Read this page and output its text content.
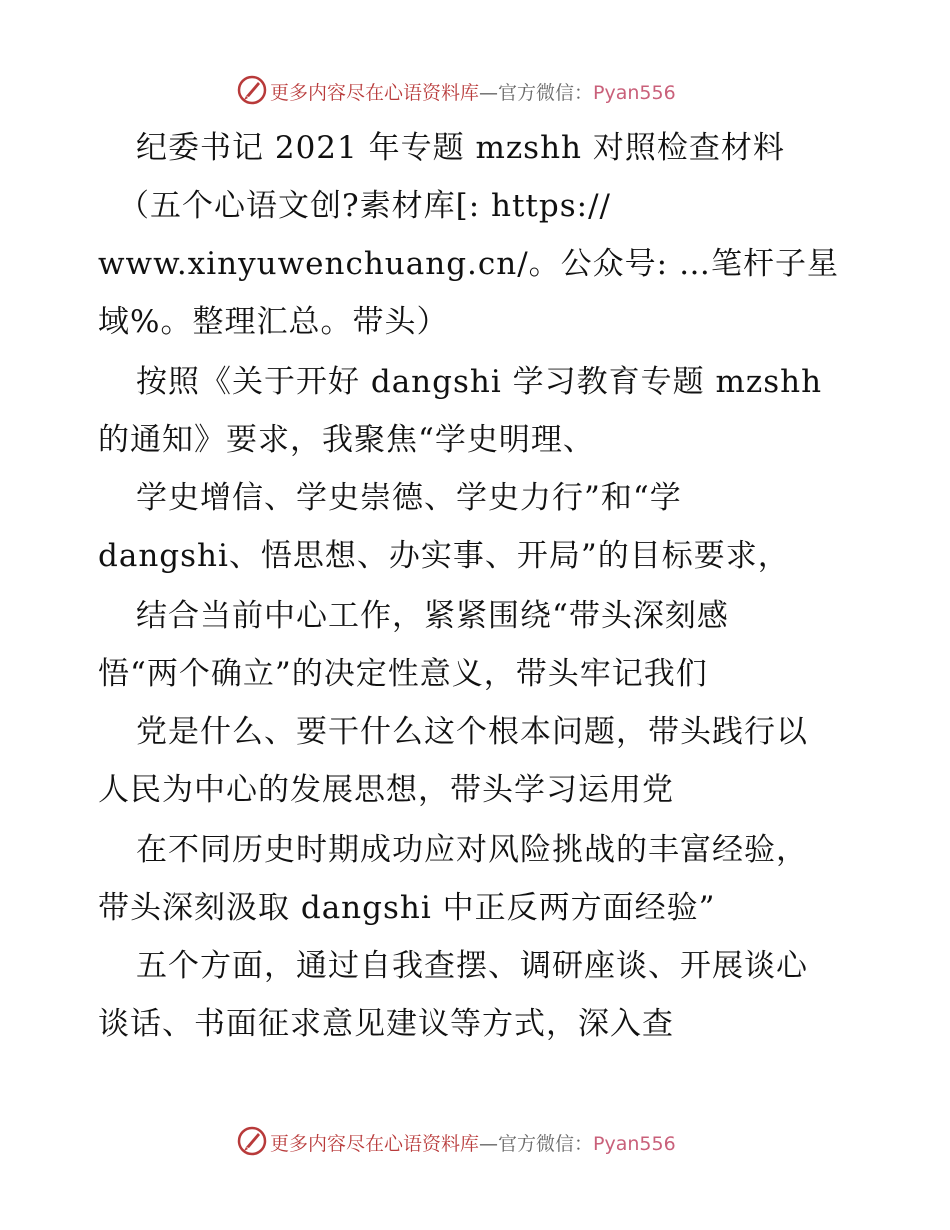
更多内容尽在心语资料库—官方微信：Pyan556
纪委书记 2021 年专题 mzshh 对照检查材料
（五个心语文创?素材库[: https://
www.xinyuwenchuang.cn/。公众号: …笔杆子星
域%。整理汇总。带头）
按照《关于开好 dangshi 学习教育专题 mzshh
的通知》要求，我聚焦“学史明理、
学史增信、学史崇德、学史力行”和“学
dangshi、悟思想、办实事、开局”的目标要求，
结合当前中心工作，紧紧围绕“带头深刻感
悟“两个确立”的决定性意义，带头牢记我们
党是什么、要干什么这个根本问题，带头践行以
人民为中心的发展思想，带头学习运用党
在不同历史时期成功应对风险挑战的丰富经验，
带头深刻汲取 dangshi 中正反两方面经验”
五个方面，通过自我查摆、调研座谈、开展谈心
谈话、书面征求意见建议等方式，深入查
更多内容尽在心语资料库—官方微信：Pyan556
